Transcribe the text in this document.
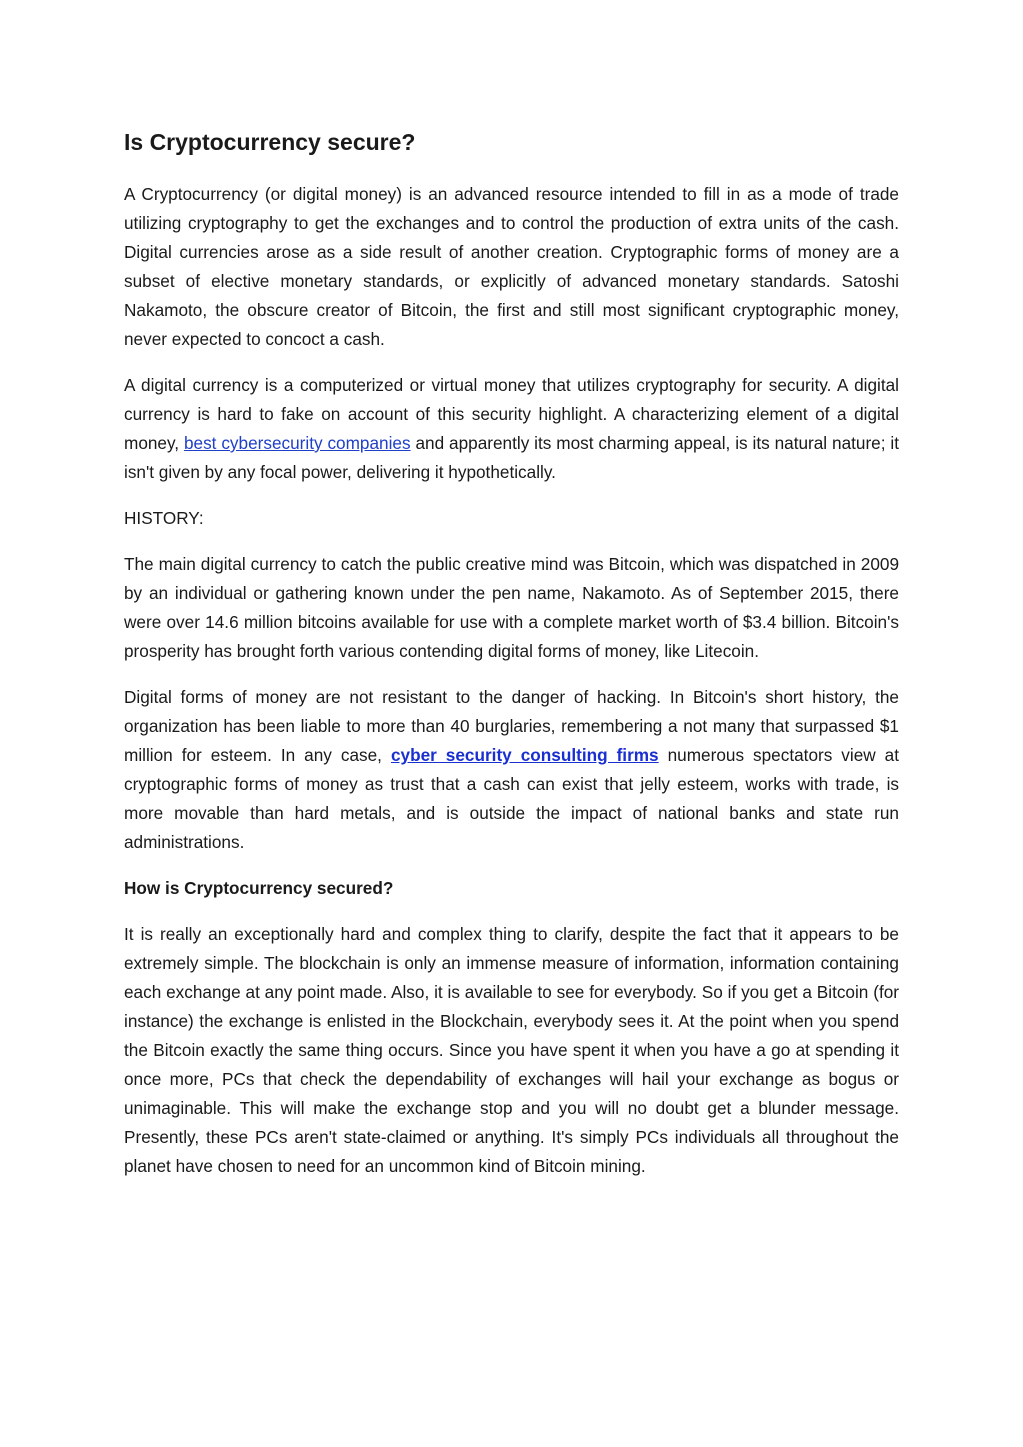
Is Cryptocurrency secure?

A Cryptocurrency (or digital money) is an advanced resource intended to fill in as a mode of trade utilizing cryptography to get the exchanges and to control the production of extra units of the cash. Digital currencies arose as a side result of another creation. Cryptographic forms of money are a subset of elective monetary standards, or explicitly of advanced monetary standards. Satoshi Nakamoto, the obscure creator of Bitcoin, the first and still most significant cryptographic money, never expected to concoct a cash.

A digital currency is a computerized or virtual money that utilizes cryptography for security. A digital currency is hard to fake on account of this security highlight. A characterizing element of a digital money, best cybersecurity companies and apparently its most charming appeal, is its natural nature; it isn't given by any focal power, delivering it hypothetically.

HISTORY:

The main digital currency to catch the public creative mind was Bitcoin, which was dispatched in 2009 by an individual or gathering known under the pen name, Nakamoto. As of September 2015, there were over 14.6 million bitcoins available for use with a complete market worth of $3.4 billion. Bitcoin's prosperity has brought forth various contending digital forms of money, like Litecoin.

Digital forms of money are not resistant to the danger of hacking. In Bitcoin's short history, the organization has been liable to more than 40 burglaries, remembering a not many that surpassed $1 million for esteem. In any case, cyber security consulting firms numerous spectators view at cryptographic forms of money as trust that a cash can exist that jelly esteem, works with trade, is more movable than hard metals, and is outside the impact of national banks and state run administrations.

How is Cryptocurrency secured?

It is really an exceptionally hard and complex thing to clarify, despite the fact that it appears to be extremely simple. The blockchain is only an immense measure of information, information containing each exchange at any point made. Also, it is available to see for everybody. So if you get a Bitcoin (for instance) the exchange is enlisted in the Blockchain, everybody sees it. At the point when you spend the Bitcoin exactly the same thing occurs. Since you have spent it when you have a go at spending it once more, PCs that check the dependability of exchanges will hail your exchange as bogus or unimaginable. This will make the exchange stop and you will no doubt get a blunder message. Presently, these PCs aren't state-claimed or anything. It's simply PCs individuals all throughout the planet have chosen to need for an uncommon kind of Bitcoin mining.
